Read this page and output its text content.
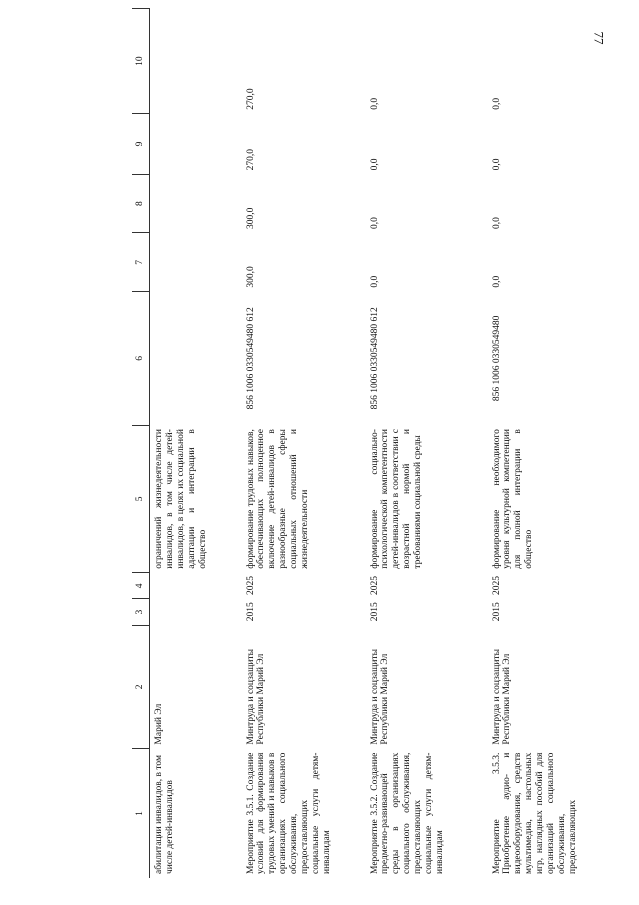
77
1	2	3	4	5	6	7	8	9	10
абилитации инвалидов, в том числе детей-инвалидов	Марий Эл			ограничений жизнедеятельности инвалидов, в том числе детей-инвалидов, в целях их социальной адаптации и интеграции в общество					
Мероприятие 3.5.1. Создание условий для формирования трудовых умений и навыков в организациях социального обслуживания, предоставляющих социальные услуги детям-инвалидам	Минтруда и соцзащиты Республики Марий Эл	2015	2025	формирование трудовых навыков, обеспечивающих полноценное включение детей-инвалидов в разнообразные сферы социальных отношений и жизнедеятельности	856 1006 0330549480 612	300,0	300,0	270,0	270,0
Мероприятие 3.5.2. Создание предметно-развивающей среды в организациях социального обслуживания, предоставляющих социальные услуги детям-инвалидам	Минтруда и соцзащиты Республики Марий Эл	2015	2025	формирование социально-психологической компетентности детей-инвалидов в соответствии с возрастной нормой и требованиями социальной среды	856 1006 0330549480 612	0,0	0,0	0,0	0,0
Мероприятие 3.5.3. Приобретение аудио- и видеооборудования, средств мультимедиа, настольных игр, наглядных пособий для организаций социального обслуживания, предоставляющих	Минтруда и соцзащиты Республики Марий Эл	2015	2025	формирование необходимого уровня культурной компетенции для полной интеграции в общество	856 1006 0330549480	0,0	0,0	0,0	0,0
